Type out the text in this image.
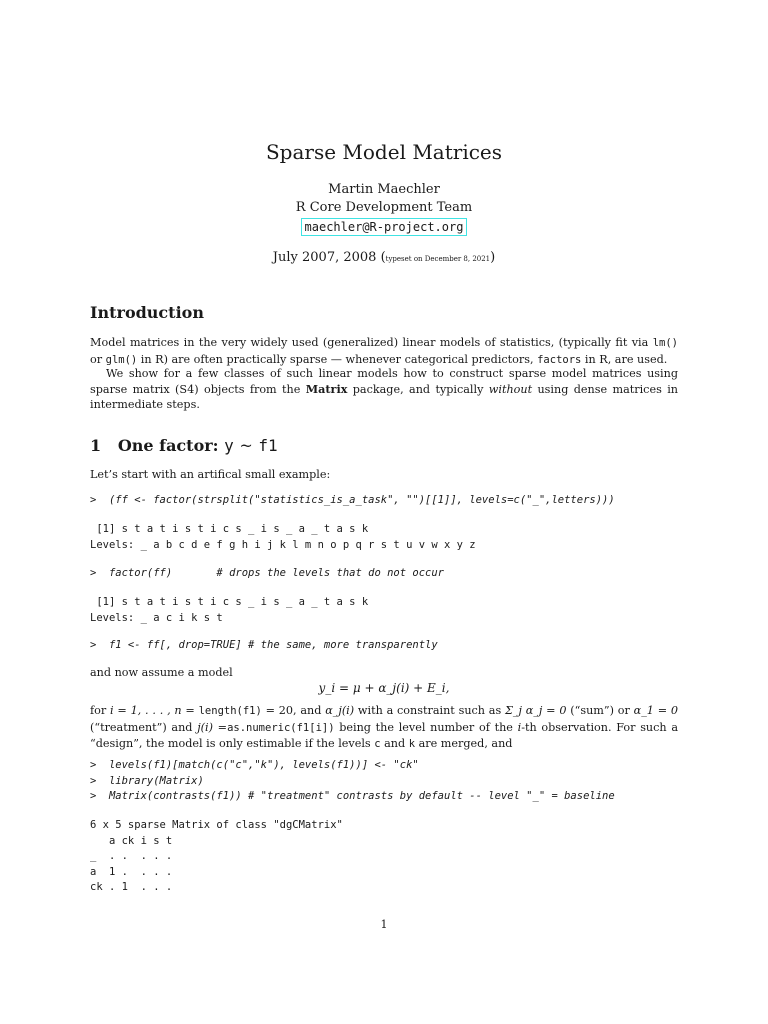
Sparse Model Matrices
Martin Maechler
R Core Development Team
maechler@R-project.org
July 2007, 2008 (typeset on December 8, 2021)
Introduction
Model matrices in the very widely used (generalized) linear models of statistics, (typically fit via lm() or glm() in R) are often practically sparse — whenever categorical predictors, factors in R, are used.
We show for a few classes of such linear models how to construct sparse model matrices using sparse matrix (S4) objects from the Matrix package, and typically without using dense matrices in intermediate steps.
1 One factor: y ~ f1
Let’s start with an artifical small example:
>  (ff <- factor(strsplit("statistics_is_a_task", "")[[1]], levels=c("_",letters)))
[1] s t a t i s t i c s _ i s _ a _ t a s k
Levels: _ a b c d e f g h i j k l m n o p q r s t u v w x y z
>  factor(ff)       # drops the levels that do not occur
[1] s t a t i s t i c s _ i s _ a _ t a s k
Levels: _ a c i k s t
>  f1 <- ff[, drop=TRUE] # the same, more transparently
and now assume a model
y_i = μ + α_j(i) + E_i,
for i = 1, . . . , n = length(f1) = 20, and α_j(i) with a constraint such as Σ_j α_j = 0 (“sum”) or α_1 = 0 (“treatment”) and j(i) =as.numeric(f1[i]) being the level number of the i-th observation. For such a “design”, the model is only estimable if the levels c and k are merged, and
>  levels(f1)[match(c("c","k"), levels(f1))] <- "ck"
>  library(Matrix)
>  Matrix(contrasts(f1)) # "treatment" contrasts by default -- level "_" = baseline
6 x 5 sparse Matrix of class "dgCMatrix"
a ck i s t
_  . .  . . .
a  1 .  . . .
ck . 1  . . .
1
